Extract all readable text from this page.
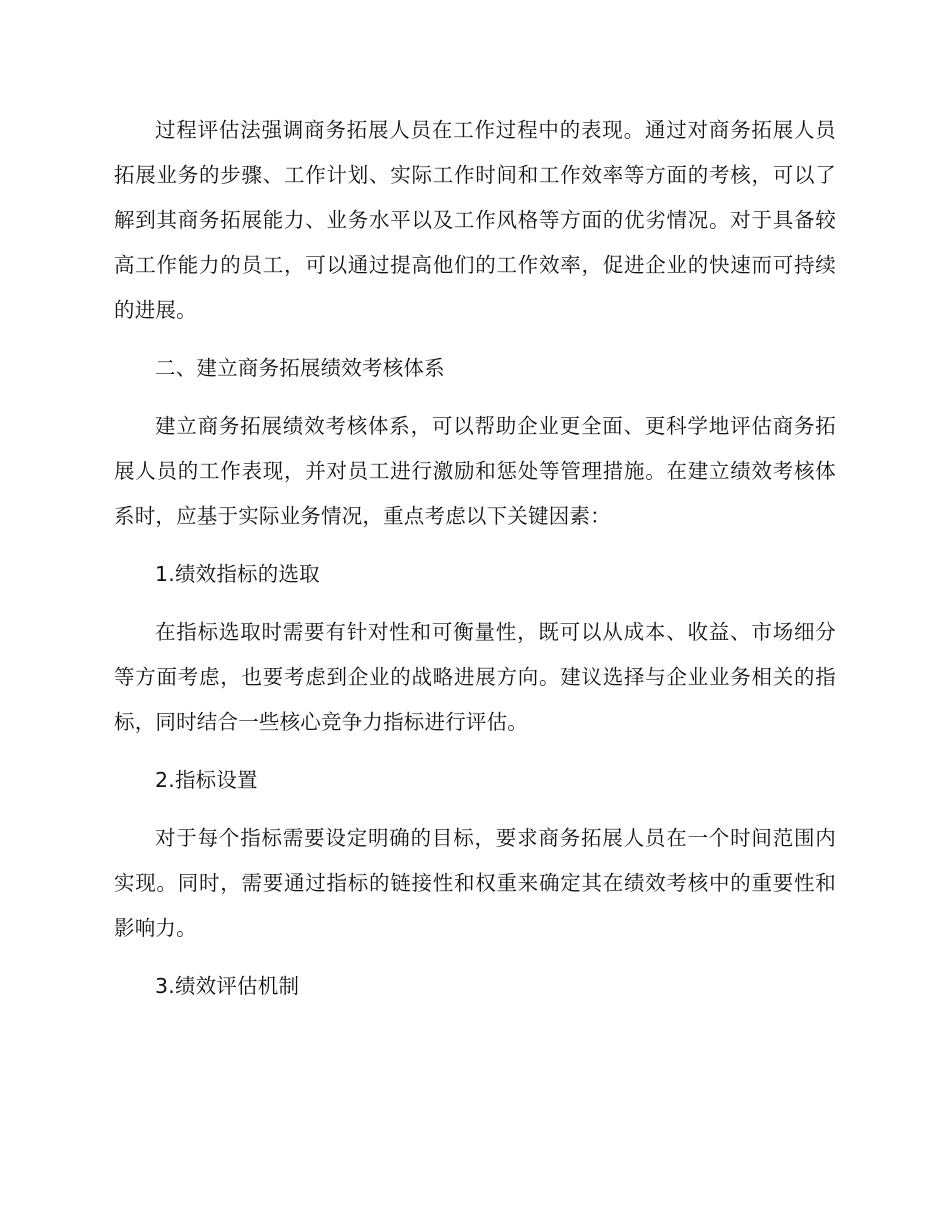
过程评估法强调商务拓展人员在工作过程中的表现。通过对商务拓展人员拓展业务的步骤、工作计划、实际工作时间和工作效率等方面的考核，可以了解到其商务拓展能力、业务水平以及工作风格等方面的优劣情况。对于具备较高工作能力的员工，可以通过提高他们的工作效率，促进企业的快速而可持续的进展。

二、建立商务拓展绩效考核体系

建立商务拓展绩效考核体系，可以帮助企业更全面、更科学地评估商务拓展人员的工作表现，并对员工进行激励和惩处等管理措施。在建立绩效考核体系时，应基于实际业务情况，重点考虑以下关键因素：

1.绩效指标的选取

在指标选取时需要有针对性和可衡量性，既可以从成本、收益、市场细分等方面考虑，也要考虑到企业的战略进展方向。建议选择与企业业务相关的指标，同时结合一些核心竞争力指标进行评估。

2.指标设置

对于每个指标需要设定明确的目标，要求商务拓展人员在一个时间范围内实现。同时，需要通过指标的链接性和权重来确定其在绩效考核中的重要性和影响力。

3.绩效评估机制
